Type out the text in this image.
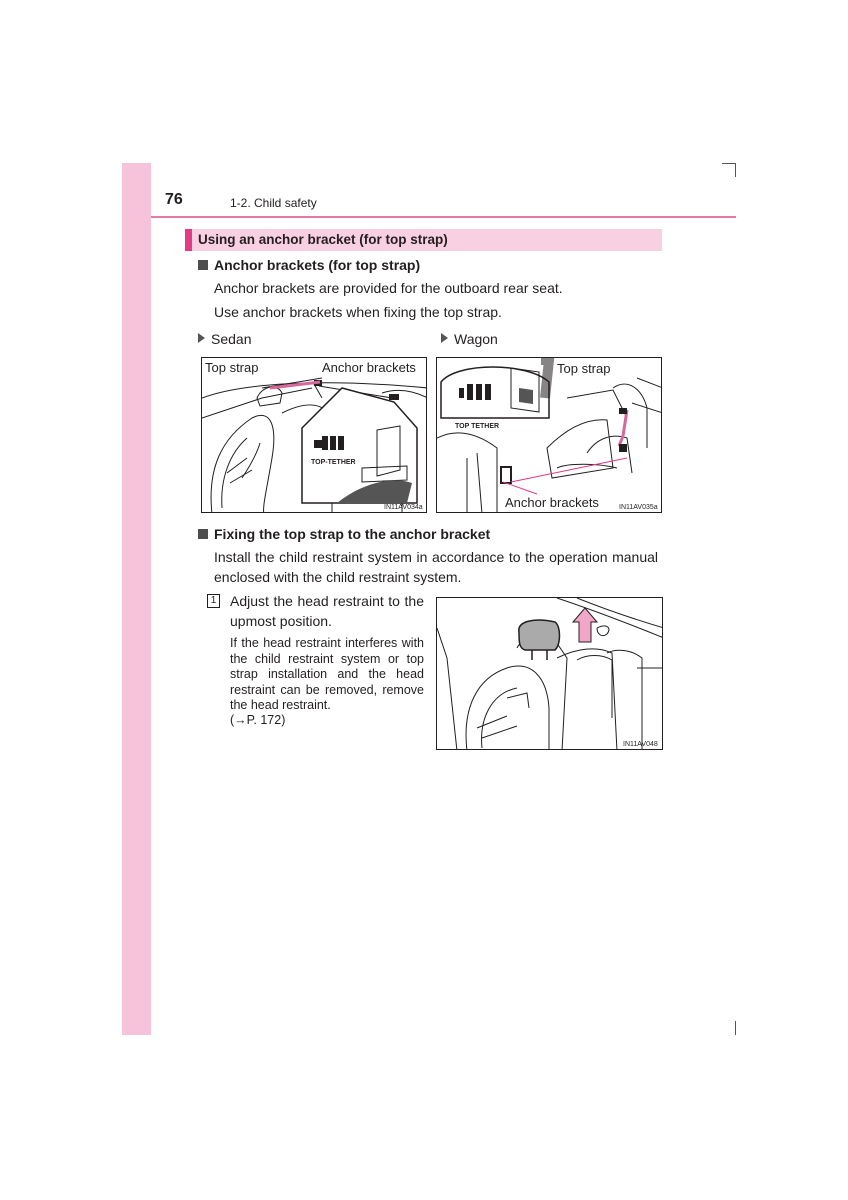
76	1-2. Child safety
Using an anchor bracket (for top strap)
Anchor brackets (for top strap)
Anchor brackets are provided for the outboard rear seat.
Use anchor brackets when fixing the top strap.
Sedan	Wagon
Top strap	Anchor brackets
TOP-TETHER
IN11AV034a
Top strap
Anchor brackets
TOP TETHER
IN11AV035a
Fixing the top strap to the anchor bracket
Install the child restraint system in accordance to the operation manual enclosed with the child restraint system.
1 Adjust the head restraint to the upmost position.
If the head restraint interferes with the child restraint system or top strap installation and the head restraint can be removed, remove the head restraint.
(→P. 172)
IN11AV048
